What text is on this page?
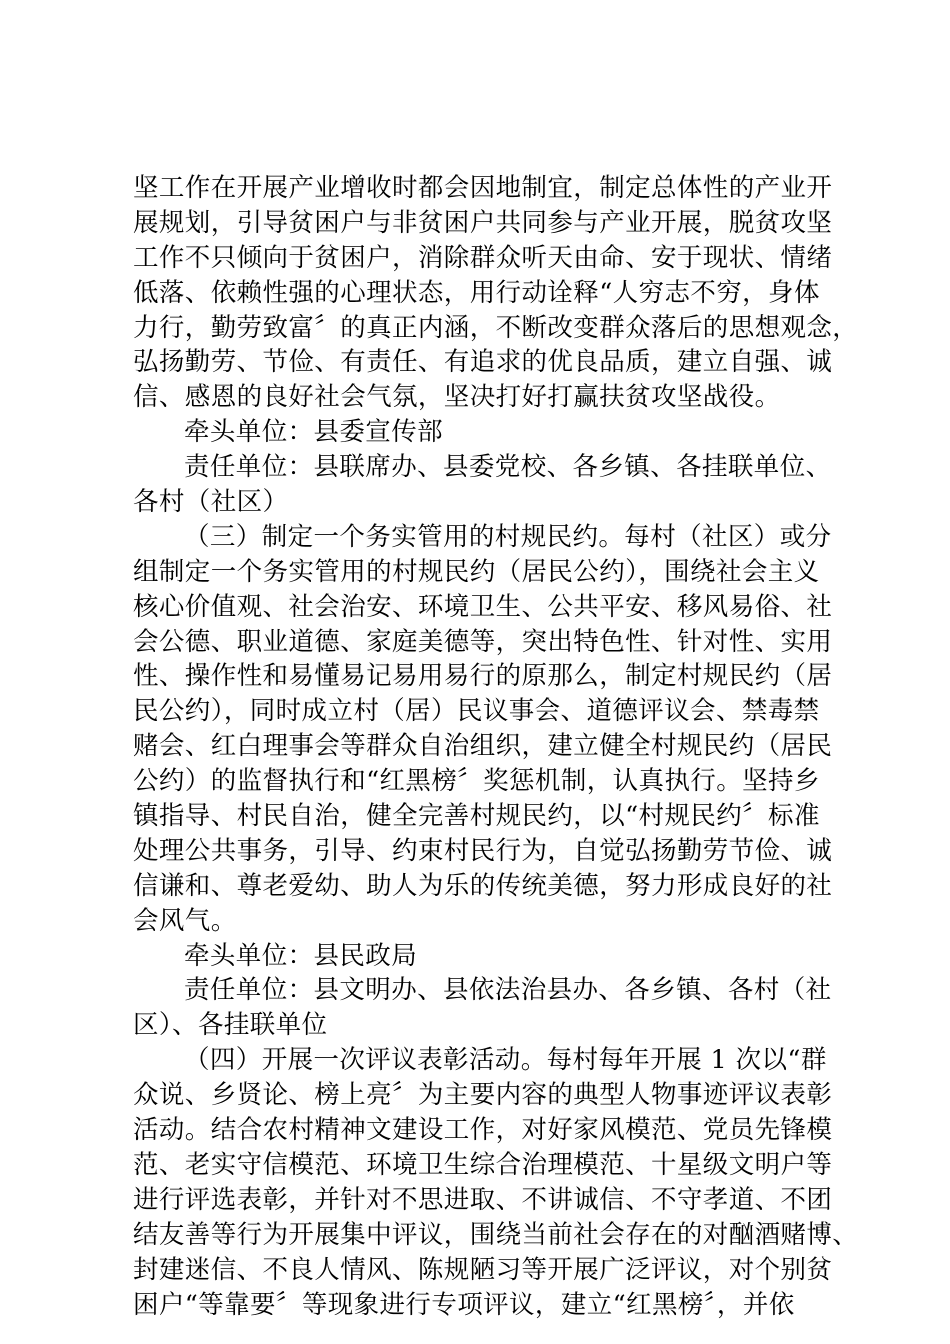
坚工作在开展产业增收时都会因地制宜，制定总体性的产业开
展规划，引导贫困户与非贫困户共同参与产业开展，脱贫攻坚
工作不只倾向于贫困户，消除群众听天由命、安于现状、情绪
低落、依赖性强的心理状态，用行动诠释“人穷志不穷，身体
力行，勤劳致富〞的真正内涵，不断改变群众落后的思想观念，
弘扬勤劳、节俭、有责任、有追求的优良品质，建立自强、诚
信、感恩的良好社会气氛，坚决打好打赢扶贫攻坚战役。
牵头单位：县委宣传部
责任单位：县联席办、县委党校、各乡镇、各挂联单位、
各村（社区）
（三）制定一个务实管用的村规民约。每村（社区）或分
组制定一个务实管用的村规民约（居民公约），围绕社会主义
核心价值观、社会治安、环境卫生、公共平安、移风易俗、社
会公德、职业道德、家庭美德等，突出特色性、针对性、实用
性、操作性和易懂易记易用易行的原那么，制定村规民约（居
民公约），同时成立村（居）民议事会、道德评议会、禁毒禁
赌会、红白理事会等群众自治组织，建立健全村规民约（居民
公约）的监督执行和“红黑榜〞奖惩机制，认真执行。坚持乡
镇指导、村民自治，健全完善村规民约，以“村规民约〞标准
处理公共事务，引导、约束村民行为，自觉弘扬勤劳节俭、诚
信谦和、尊老爱幼、助人为乐的传统美德，努力形成良好的社
会风气。
牵头单位：县民政局
责任单位：县文明办、县依法治县办、各乡镇、各村（社
区）、各挂联单位
（四）开展一次评议表彰活动。每村每年开展 1 次以“群
众说、乡贤论、榜上亮〞为主要内容的典型人物事迹评议表彰
活动。结合农村精神文建设工作，对好家风模范、党员先锋模
范、老实守信模范、环境卫生综合治理模范、十星级文明户等
进行评选表彰，并针对不思进取、不讲诚信、不守孝道、不团
结友善等行为开展集中评议，围绕当前社会存在的对酗酒赌博、
封建迷信、不良人情风、陈规陋习等开展广泛评议，对个别贫
困户“等靠要〞等现象进行专项评议，建立“红黑榜〞，并依
